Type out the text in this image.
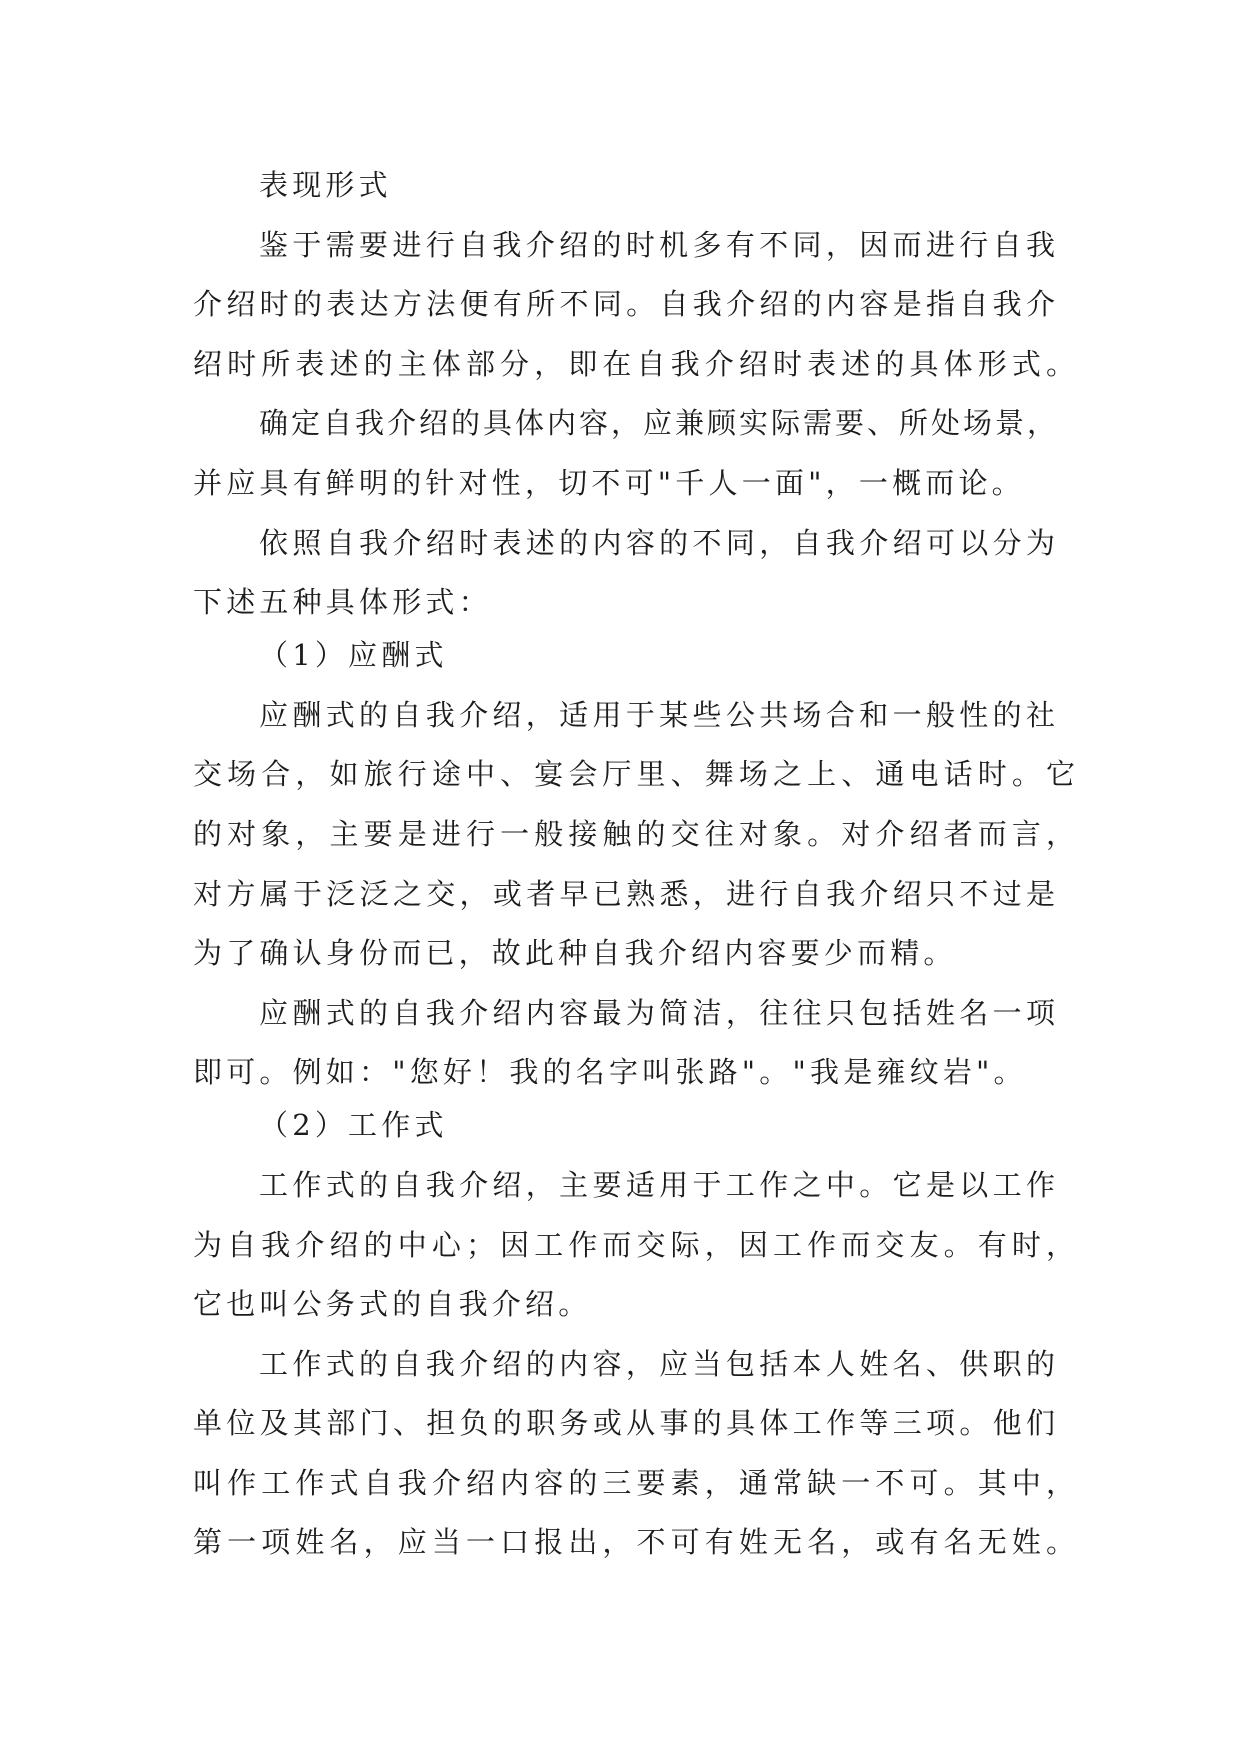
表现形式
鉴于需要进行自我介绍的时机多有不同，因而进行自我
介绍时的表达方法便有所不同。自我介绍的内容是指自我介
绍时所表述的主体部分，即在自我介绍时表述的具体形式。
确定自我介绍的具体内容，应兼顾实际需要、所处场景，
并应具有鲜明的针对性，切不可"千人一面"，一概而论。
依照自我介绍时表述的内容的不同，自我介绍可以分为
下述五种具体形式：
（1）应酬式
应酬式的自我介绍，适用于某些公共场合和一般性的社
交场合，如旅行途中、宴会厅里、舞场之上、通电话时。它
的对象，主要是进行一般接触的交往对象。对介绍者而言，
对方属于泛泛之交，或者早已熟悉，进行自我介绍只不过是
为了确认身份而已，故此种自我介绍内容要少而精。
应酬式的自我介绍内容最为简洁，往往只包括姓名一项
即可。例如："您好！我的名字叫张路"。"我是雍纹岩"。
（2）工作式
工作式的自我介绍，主要适用于工作之中。它是以工作
为自我介绍的中心；因工作而交际，因工作而交友。有时，
它也叫公务式的自我介绍。
工作式的自我介绍的内容，应当包括本人姓名、供职的
单位及其部门、担负的职务或从事的具体工作等三项。他们
叫作工作式自我介绍内容的三要素，通常缺一不可。其中，
第一项姓名，应当一口报出，不可有姓无名，或有名无姓。
